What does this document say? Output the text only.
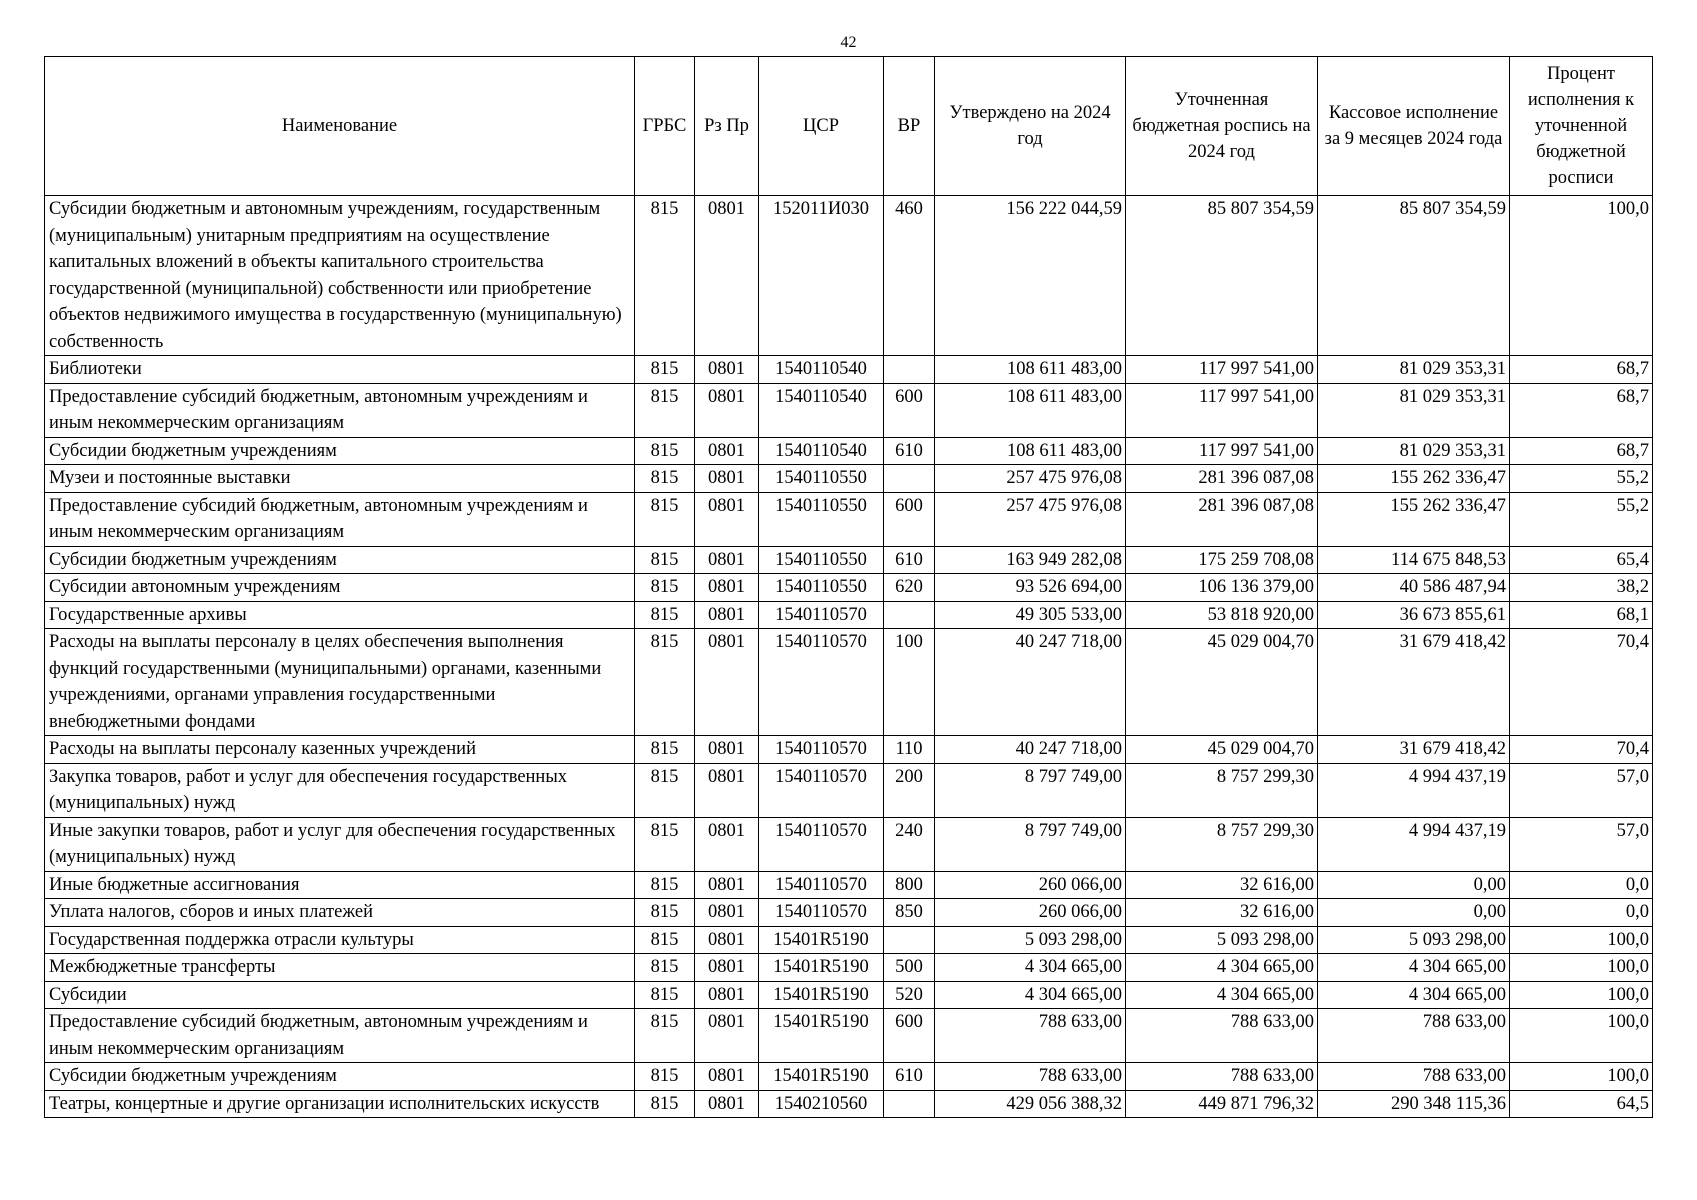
42
Наименование	ГРБС	Рз Пр	ЦСР	ВР	Утверждено на 2024 год	Уточненная бюджетная роспись на 2024 год	Кассовое исполнение за 9 месяцев 2024 года	Процент исполнения к уточненной бюджетной росписи
Субсидии бюджетным и автономным учреждениям, государственным (муниципальным) унитарным предприятиям на осуществление капитальных вложений в объекты капитального строительства государственной (муниципальной) собственности или приобретение объектов недвижимого имущества в государственную (муниципальную) собственность	815	0801	152011И030	460	156 222 044,59	85 807 354,59	85 807 354,59	100,0
Библиотеки	815	0801	1540110540		108 611 483,00	117 997 541,00	81 029 353,31	68,7
Предоставление субсидий бюджетным, автономным учреждениям и иным некоммерческим организациям	815	0801	1540110540	600	108 611 483,00	117 997 541,00	81 029 353,31	68,7
Субсидии бюджетным учреждениям	815	0801	1540110540	610	108 611 483,00	117 997 541,00	81 029 353,31	68,7
Музеи и постоянные выставки	815	0801	1540110550		257 475 976,08	281 396 087,08	155 262 336,47	55,2
Предоставление субсидий бюджетным, автономным учреждениям и иным некоммерческим организациям	815	0801	1540110550	600	257 475 976,08	281 396 087,08	155 262 336,47	55,2
Субсидии бюджетным учреждениям	815	0801	1540110550	610	163 949 282,08	175 259 708,08	114 675 848,53	65,4
Субсидии автономным учреждениям	815	0801	1540110550	620	93 526 694,00	106 136 379,00	40 586 487,94	38,2
Государственные архивы	815	0801	1540110570		49 305 533,00	53 818 920,00	36 673 855,61	68,1
Расходы на выплаты персоналу в целях обеспечения выполнения функций государственными (муниципальными) органами, казенными учреждениями, органами управления государственными внебюджетными фондами	815	0801	1540110570	100	40 247 718,00	45 029 004,70	31 679 418,42	70,4
Расходы на выплаты персоналу казенных учреждений	815	0801	1540110570	110	40 247 718,00	45 029 004,70	31 679 418,42	70,4
Закупка товаров, работ и услуг для обеспечения государственных (муниципальных) нужд	815	0801	1540110570	200	8 797 749,00	8 757 299,30	4 994 437,19	57,0
Иные закупки товаров, работ и услуг для обеспечения государственных (муниципальных) нужд	815	0801	1540110570	240	8 797 749,00	8 757 299,30	4 994 437,19	57,0
Иные бюджетные ассигнования	815	0801	1540110570	800	260 066,00	32 616,00	0,00	0,0
Уплата налогов, сборов и иных платежей	815	0801	1540110570	850	260 066,00	32 616,00	0,00	0,0
Государственная поддержка отрасли культуры	815	0801	15401R5190		5 093 298,00	5 093 298,00	5 093 298,00	100,0
Межбюджетные трансферты	815	0801	15401R5190	500	4 304 665,00	4 304 665,00	4 304 665,00	100,0
Субсидии	815	0801	15401R5190	520	4 304 665,00	4 304 665,00	4 304 665,00	100,0
Предоставление субсидий бюджетным, автономным учреждениям и иным некоммерческим организациям	815	0801	15401R5190	600	788 633,00	788 633,00	788 633,00	100,0
Субсидии бюджетным учреждениям	815	0801	15401R5190	610	788 633,00	788 633,00	788 633,00	100,0
Театры, концертные и другие организации исполнительских искусств	815	0801	1540210560		429 056 388,32	449 871 796,32	290 348 115,36	64,5
